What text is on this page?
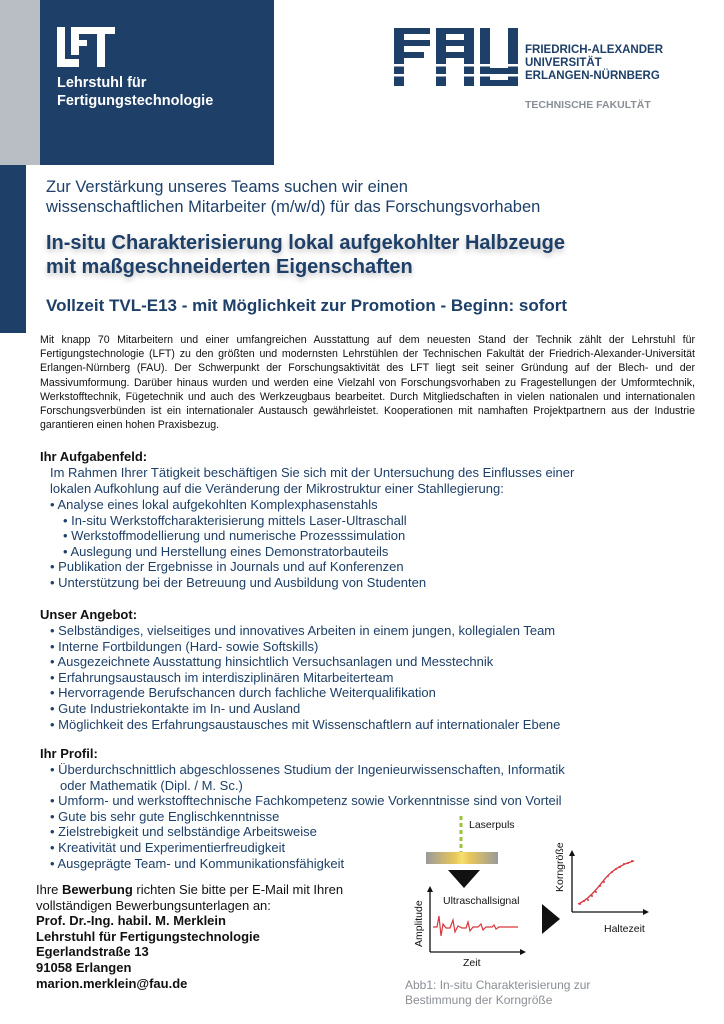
Lehrstuhl für
Fertigungstechnologie
FRIEDRICH-ALEXANDER
UNIVERSITÄT
ERLANGEN-NÜRNBERG
TECHNISCHE FAKULTÄT
Zur Verstärkung unseres Teams suchen wir einen
wissenschaftlichen Mitarbeiter (m/w/d) für das Forschungsvorhaben
In-situ Charakterisierung lokal aufgekohlter Halbzeuge
mit maßgeschneiderten Eigenschaften
Vollzeit TVL-E13 - mit Möglichkeit zur Promotion - Beginn: sofort
Mit knapp 70 Mitarbeitern und einer umfangreichen Ausstattung auf dem neuesten Stand der Technik zählt der Lehrstuhl für Fertigungstechnologie (LFT) zu den größten und modernsten Lehrstühlen der Technischen Fakultät der Friedrich-Alexander-Universität Erlangen-Nürnberg (FAU). Der Schwerpunkt der Forschungsaktivität des LFT liegt seit seiner Gründung auf der Blech- und der Massivumformung. Darüber hinaus wurden und werden eine Vielzahl von Forschungsvorhaben zu Fragestellungen der Umformtechnik, Werkstofftechnik, Fügetechnik und auch des Werkzeugbaus bearbeitet. Durch Mitgliedschaften in vielen nationalen und internationalen Forschungsverbünden ist ein internationaler Austausch gewährleistet. Kooperationen mit namhaften Projektpartnern aus der Industrie garantieren einen hohen Praxisbezug.
Ihr Aufgabenfeld:
Im Rahmen Ihrer Tätigkeit beschäftigen Sie sich mit der Untersuchung des Einflusses einer
lokalen Aufkohlung auf die Veränderung der Mikrostruktur einer Stahllegierung:
• Analyse eines lokal aufgekohlten Komplexphasenstahls
• In-situ Werkstoffcharakterisierung mittels Laser-Ultraschall
• Werkstoffmodellierung und numerische Prozesssimulation
• Auslegung und Herstellung eines Demonstratorbauteils
• Publikation der Ergebnisse in Journals und auf Konferenzen
• Unterstützung bei der Betreuung und Ausbildung von Studenten
Unser Angebot:
• Selbständiges, vielseitiges und innovatives Arbeiten in einem jungen, kollegialen Team
• Interne Fortbildungen (Hard- sowie Softskills)
• Ausgezeichnete Ausstattung hinsichtlich Versuchsanlagen und Messtechnik
• Erfahrungsaustausch im interdisziplinären Mitarbeiterteam
• Hervorragende Berufschancen durch fachliche Weiterqualifikation
• Gute Industriekontakte im In- und Ausland
• Möglichkeit des Erfahrungsaustausches mit Wissenschaftlern auf internationaler Ebene
Ihr Profil:
• Überdurchschnittlich abgeschlossenes Studium der Ingenieurwissenschaften, Informatik
oder Mathematik (Dipl. / M. Sc.)
• Umform- und werkstofftechnische Fachkompetenz sowie Vorkenntnisse sind von Vorteil
• Gute bis sehr gute Englischkenntnisse
• Zielstrebigkeit und selbständige Arbeitsweise
• Kreativität und Experimentierfreudigkeit
• Ausgeprägte Team- und Kommunikationsfähigkeit
Ihre Bewerbung richten Sie bitte per E-Mail mit Ihren
vollständigen Bewerbungsunterlagen an:
Prof. Dr.-Ing. habil. M. Merklein
Lehrstuhl für Fertigungstechnologie
Egerlandstraße 13
91058 Erlangen
marion.merklein@fau.de
Laserpuls
Ultraschallsignal
Amplitude
Zeit
Korngröße
Haltezeit
Abb1: In-situ Charakterisierung zur
Bestimmung der Korngröße
